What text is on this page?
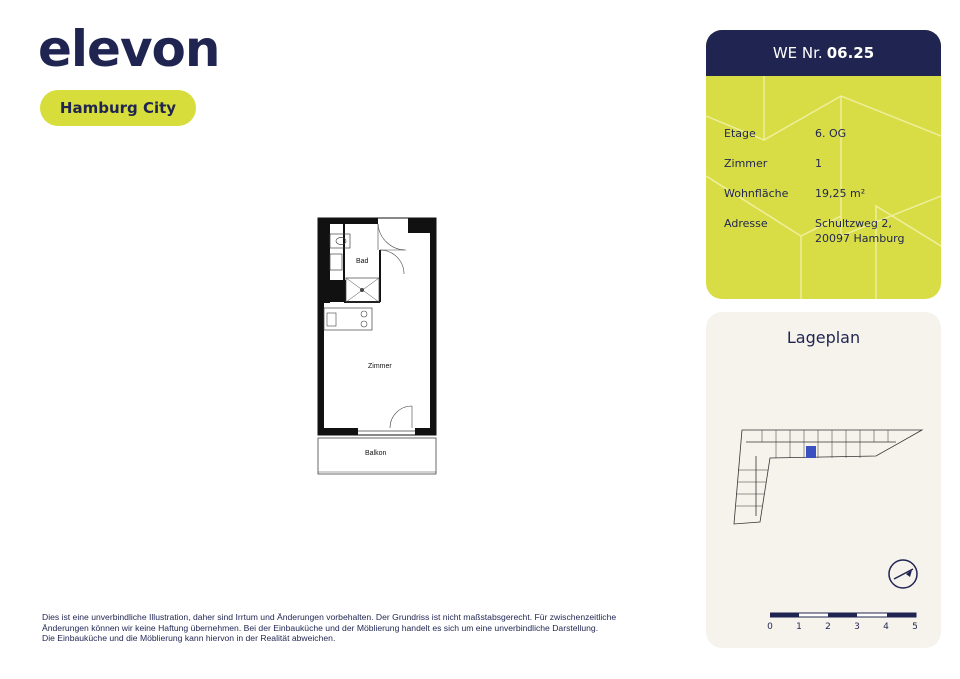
elevon
Hamburg City
Bad
Zimmer
Balkon
Dies ist eine unverbindliche Illustration, daher sind Irrtum und Änderungen vorbehalten. Der Grundriss ist nicht maßstabsgerecht. Für zwischenzeitliche
Änderungen können wir keine Haftung übernehmen. Bei der Einbauküche und der Möblierung handelt es sich um eine unverbindliche Darstellung.
Die Einbauküche und die Möblierung kann hiervon in der Realität abweichen.
WE Nr. 06.25
Etage	6. OG
Zimmer	1
Wohnfläche	19,25 m²
Adresse	Schultzweg 2,
20097 Hamburg
Lageplan
0	1	2	3	4	5
